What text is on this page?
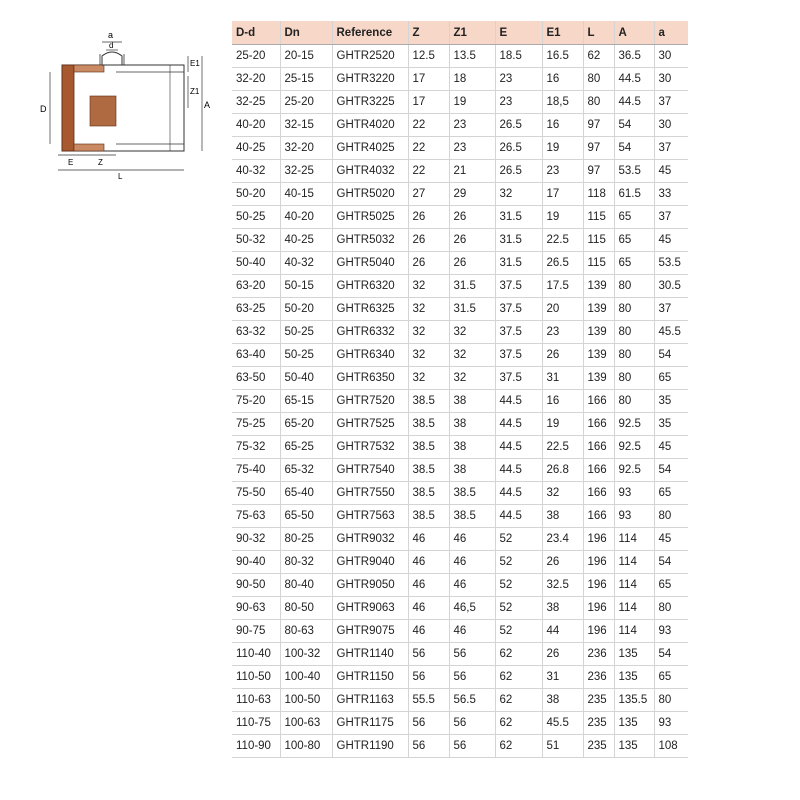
a
d
E1
Z1
A
D
E	Z
L
D-d	Dn	Reference	Z	Z1	E	E1	L	A	a
25-20	20-15	GHTR2520	12.5	13.5	18.5	16.5	62	36.5	30
32-20	25-15	GHTR3220	17	18	23	16	80	44.5	30
32-25	25-20	GHTR3225	17	19	23	18,5	80	44.5	37
40-20	32-15	GHTR4020	22	23	26.5	16	97	54	30
40-25	32-20	GHTR4025	22	23	26.5	19	97	54	37
40-32	32-25	GHTR4032	22	21	26.5	23	97	53.5	45
50-20	40-15	GHTR5020	27	29	32	17	118	61.5	33
50-25	40-20	GHTR5025	26	26	31.5	19	115	65	37
50-32	40-25	GHTR5032	26	26	31.5	22.5	115	65	45
50-40	40-32	GHTR5040	26	26	31.5	26.5	115	65	53.5
63-20	50-15	GHTR6320	32	31.5	37.5	17.5	139	80	30.5
63-25	50-20	GHTR6325	32	31.5	37.5	20	139	80	37
63-32	50-25	GHTR6332	32	32	37.5	23	139	80	45.5
63-40	50-25	GHTR6340	32	32	37.5	26	139	80	54
63-50	50-40	GHTR6350	32	32	37.5	31	139	80	65
75-20	65-15	GHTR7520	38.5	38	44.5	16	166	80	35
75-25	65-20	GHTR7525	38.5	38	44.5	19	166	92.5	35
75-32	65-25	GHTR7532	38.5	38	44.5	22.5	166	92.5	45
75-40	65-32	GHTR7540	38.5	38	44.5	26.8	166	92.5	54
75-50	65-40	GHTR7550	38.5	38.5	44.5	32	166	93	65
75-63	65-50	GHTR7563	38.5	38.5	44.5	38	166	93	80
90-32	80-25	GHTR9032	46	46	52	23.4	196	114	45
90-40	80-32	GHTR9040	46	46	52	26	196	114	54
90-50	80-40	GHTR9050	46	46	52	32.5	196	114	65
90-63	80-50	GHTR9063	46	46,5	52	38	196	114	80
90-75	80-63	GHTR9075	46	46	52	44	196	114	93
110-40	100-32	GHTR1140	56	56	62	26	236	135	54
110-50	100-40	GHTR1150	56	56	62	31	236	135	65
110-63	100-50	GHTR1163	55.5	56.5	62	38	235	135.5	80
110-75	100-63	GHTR1175	56	56	62	45.5	235	135	93
110-90	100-80	GHTR1190	56	56	62	51	235	135	108
